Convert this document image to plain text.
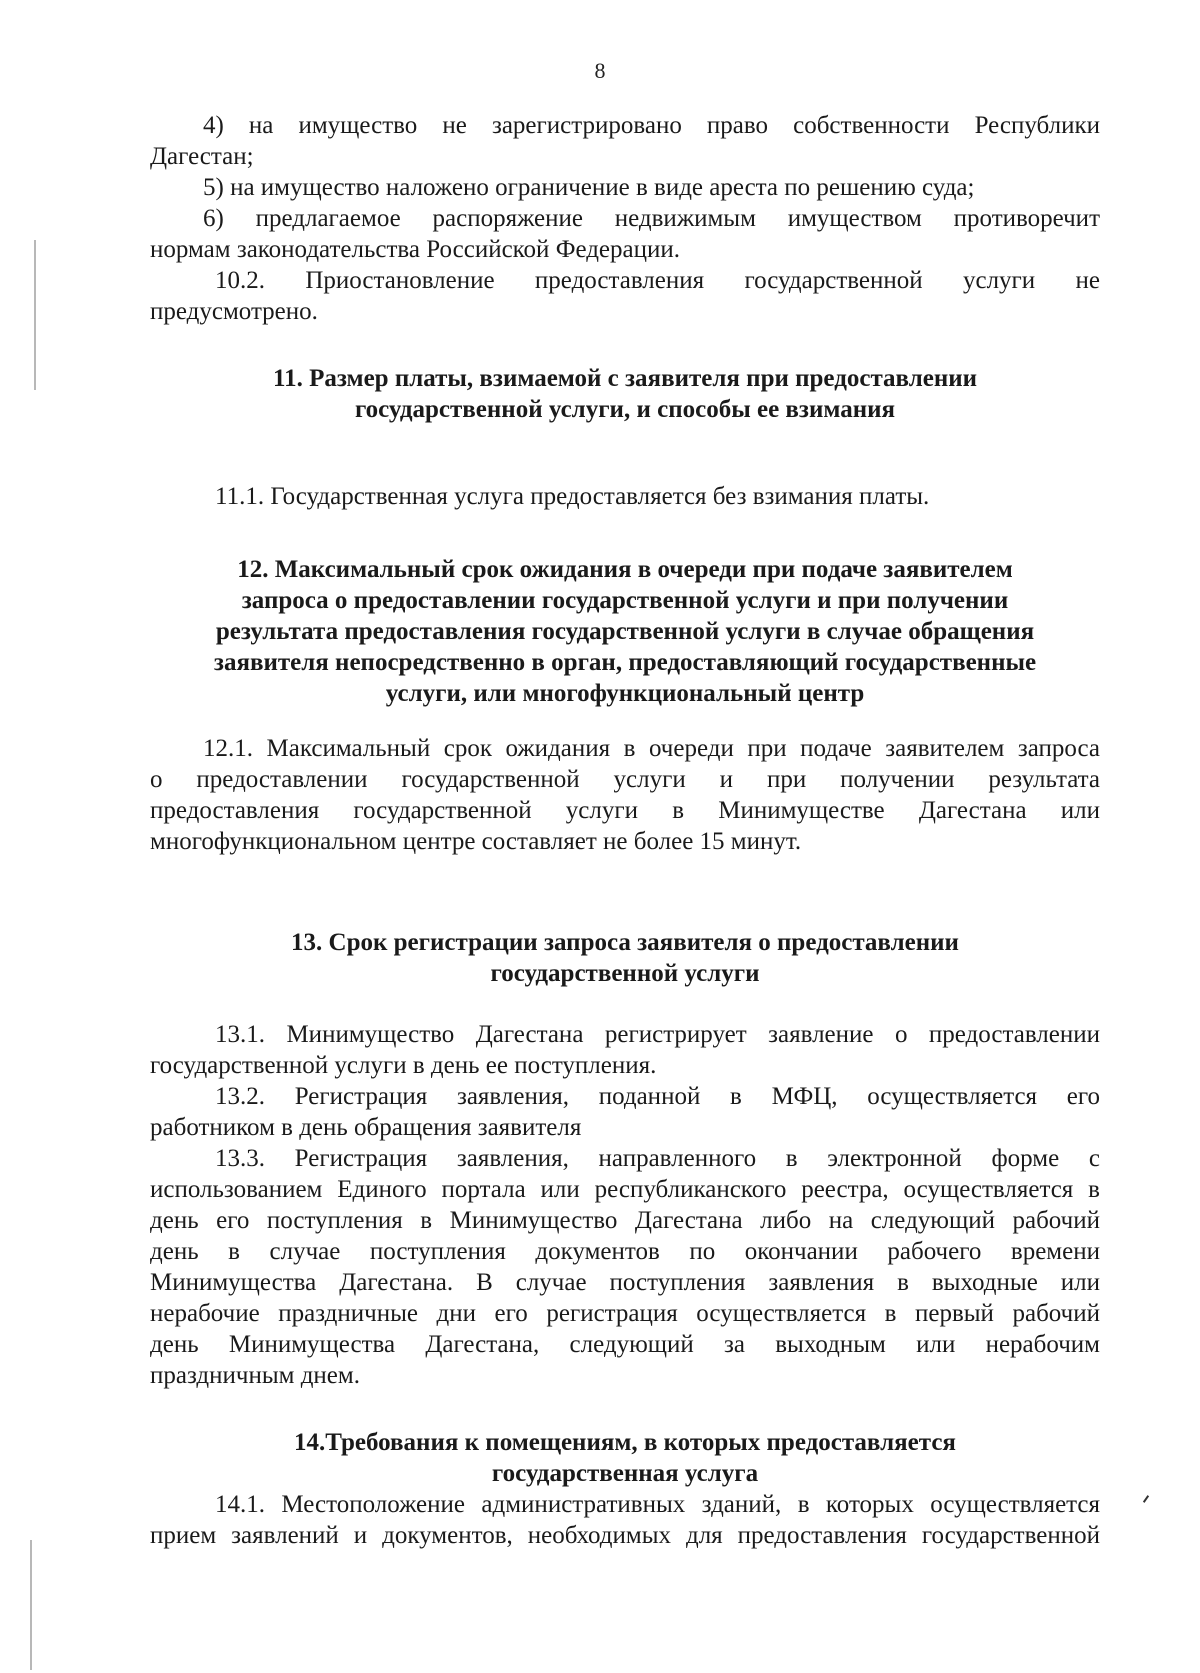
8

4) на имущество не зарегистрировано право собственности Республики

Дагестан;

5) на имущество наложено ограничение в виде ареста по решению суда;

6) предлагаемое распоряжение недвижимым имуществом противоречит

нормам законодательства Российской Федерации.

10.2. Приостановление предоставления государственной услуги не

предусмотрено.

11. Размер платы, взимаемой с заявителя при предоставлении
государственной услуги, и способы ее взимания

11.1. Государственная услуга предоставляется без взимания платы.

12. Максимальный срок ожидания в очереди при подаче заявителем
запроса о предоставлении государственной услуги и при получении
результата предоставления государственной услуги в случае обращения
заявителя непосредственно в орган, предоставляющий государственные
услуги, или многофункциональный центр

12.1. Максимальный срок ожидания в очереди при подаче заявителем запроса

о предоставлении государственной услуги и при получении результата

предоставления государственной услуги в Минимуществе Дагестана или

многофункциональном центре составляет не более 15 минут.

13. Срок регистрации запроса заявителя о предоставлении
государственной услуги

13.1. Минимущество Дагестана регистрирует заявление о предоставлении

государственной услуги в день ее поступления.

13.2. Регистрация заявления, поданной в МФЦ, осуществляется его

работником в день обращения заявителя

13.3. Регистрация заявления, направленного в электронной форме с

использованием Единого портала или республиканского реестра, осуществляется в

день его поступления в Минимущество Дагестана либо на следующий рабочий

день в случае поступления документов по окончании рабочего времени

Минимущества Дагестана. В случае поступления заявления в выходные или

нерабочие праздничные дни его регистрация осуществляется в первый рабочий

день Минимущества Дагестана, следующий за выходным или нерабочим

праздничным днем.

14.Требования к помещениям, в которых предоставляется
государственная услуга

14.1. Местоположение административных зданий, в которых осуществляется

прием заявлений и документов, необходимых для предоставления государственной
